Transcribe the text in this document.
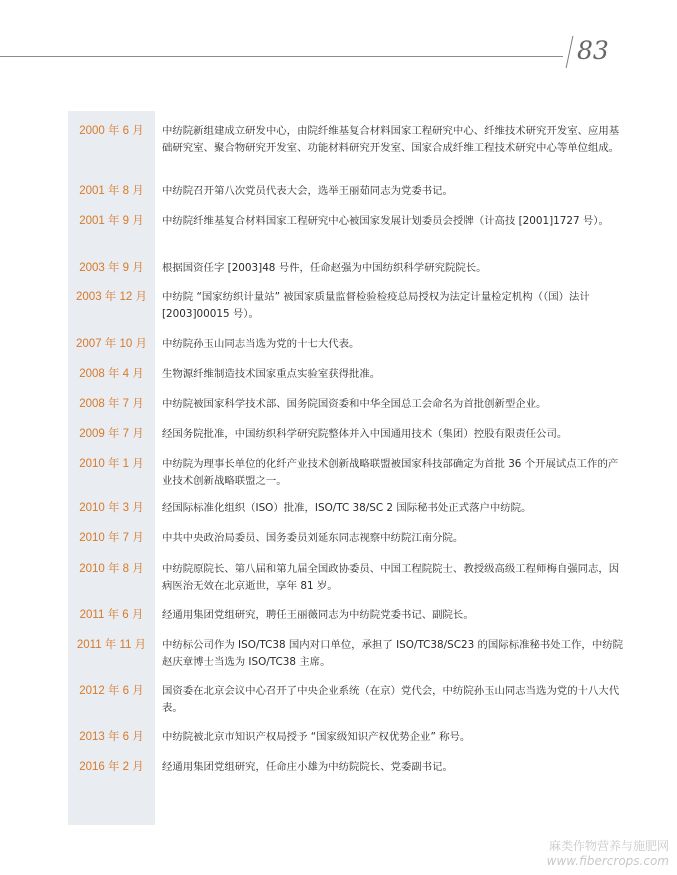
83
2000 年 6 月	中纺院新组建成立研发中心，由院纤维基复合材料国家工程研究中心、纤维技术研究开发室、应用基础研究室、聚合物研究开发室、功能材料研究开发室、国家合成纤维工程技术研究中心等单位组成。
2001 年 8 月	中纺院召开第八次党员代表大会，选举王丽茹同志为党委书记。
2001 年 9 月	中纺院纤维基复合材料国家工程研究中心被国家发展计划委员会授牌（计高技 [2001]1727 号）。
2003 年 9 月	根据国资任字 [2003]48 号件，任命赵强为中国纺织科学研究院院长。
2003 年 12 月	中纺院 “国家纺织计量站” 被国家质量监督检验检疫总局授权为法定计量检定机构（（国）法计 [2003]00015 号）。
2007 年 10 月	中纺院孙玉山同志当选为党的十七大代表。
2008 年 4 月	生物源纤维制造技术国家重点实验室获得批准。
2008 年 7 月	中纺院被国家科学技术部、国务院国资委和中华全国总工会命名为首批创新型企业。
2009 年 7 月	经国务院批准，中国纺织科学研究院整体并入中国通用技术（集团）控股有限责任公司。
2010 年 1 月	中纺院为理事长单位的化纤产业技术创新战略联盟被国家科技部确定为首批 36 个开展试点工作的产业技术创新战略联盟之一。
2010 年 3 月	经国际标准化组织（ISO）批准，ISO/TC 38/SC 2 国际秘书处正式落户中纺院。
2010 年 7 月	中共中央政治局委员、国务委员刘延东同志视察中纺院江南分院。
2010 年 8 月	中纺院原院长、第八届和第九届全国政协委员、中国工程院院士、教授级高级工程师梅自强同志，因病医治无效在北京逝世，享年 81 岁。
2011 年 6 月	经通用集团党组研究，聘任王丽薇同志为中纺院党委书记、副院长。
2011 年 11 月	中纺标公司作为 ISO/TC38 国内对口单位，承担了 ISO/TC38/SC23 的国际标准秘书处工作，中纺院赵庆章博士当选为 ISO/TC38 主席。
2012 年 6 月	国资委在北京会议中心召开了中央企业系统（在京）党代会，中纺院孙玉山同志当选为党的十八大代表。
2013 年 6 月	中纺院被北京市知识产权局授予 “国家级知识产权优势企业” 称号。
2016 年 2 月	经通用集团党组研究，任命庄小雄为中纺院院长、党委副书记。
麻类作物营养与施肥网
www.fibercrops.com
